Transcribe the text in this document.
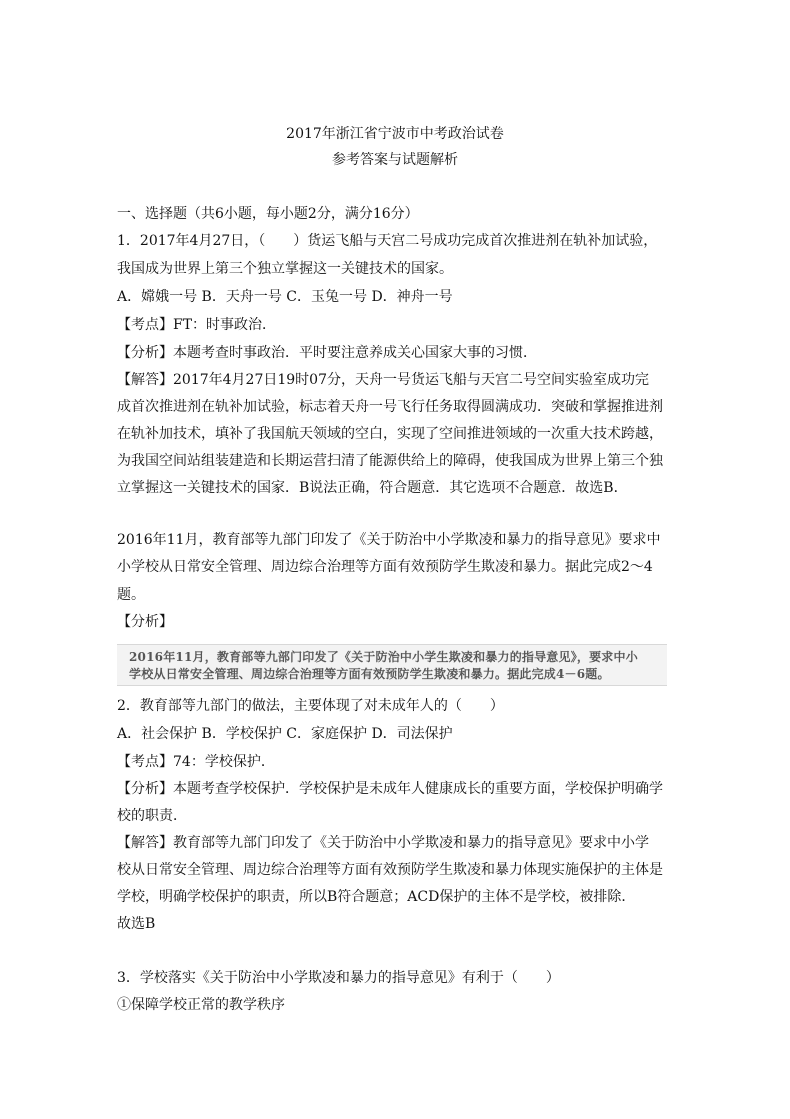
2017年浙江省宁波市中考政治试卷
参考答案与试题解析
一、选择题（共6小题，每小题2分，满分16分）
1．2017年4月27日，（　　）货运飞船与天宫二号成功完成首次推进剂在轨补加试验，
我国成为世界上第三个独立掌握这一关键技术的国家。
A．嫦娥一号 B．天舟一号 C．玉兔一号 D．神舟一号
【考点】FT：时事政治．
【分析】本题考查时事政治．平时要注意养成关心国家大事的习惯．
【解答】2017年4月27日19时07分，天舟一号货运飞船与天宫二号空间实验室成功完
成首次推进剂在轨补加试验，标志着天舟一号飞行任务取得圆满成功．突破和掌握推进剂
在轨补加技术，填补了我国航天领域的空白，实现了空间推进领域的一次重大技术跨越，
为我国空间站组装建造和长期运营扫清了能源供给上的障碍，使我国成为世界上第三个独
立掌握这一关键技术的国家．B说法正确，符合题意．其它选项不合题意．故选B．
2016年11月，教育部等九部门印发了《关于防治中小学欺凌和暴力的指导意见》要求中
小学校从日常安全管理、周边综合治理等方面有效预防学生欺凌和暴力。据此完成2～4
题。
【分析】
2016年11月，教育部等九部门印发了《关于防治中小学生欺凌和暴力的指导意见》，要求中小
学校从日常安全管理、周边综合治理等方面有效预防学生欺凌和暴力。据此完成4－6题。
2．教育部等九部门的做法，主要体现了对未成年人的（　　）
A．社会保护 B．学校保护 C．家庭保护 D．司法保护
【考点】74：学校保护．
【分析】本题考查学校保护．学校保护是未成年人健康成长的重要方面，学校保护明确学
校的职责．
【解答】教育部等九部门印发了《关于防治中小学欺凌和暴力的指导意见》要求中小学
校从日常安全管理、周边综合治理等方面有效预防学生欺凌和暴力体现实施保护的主体是
学校，明确学校保护的职责，所以B符合题意；ACD保护的主体不是学校，被排除．
故选B
3．学校落实《关于防治中小学欺凌和暴力的指导意见》有利于（　　）
①保障学校正常的教学秩序
